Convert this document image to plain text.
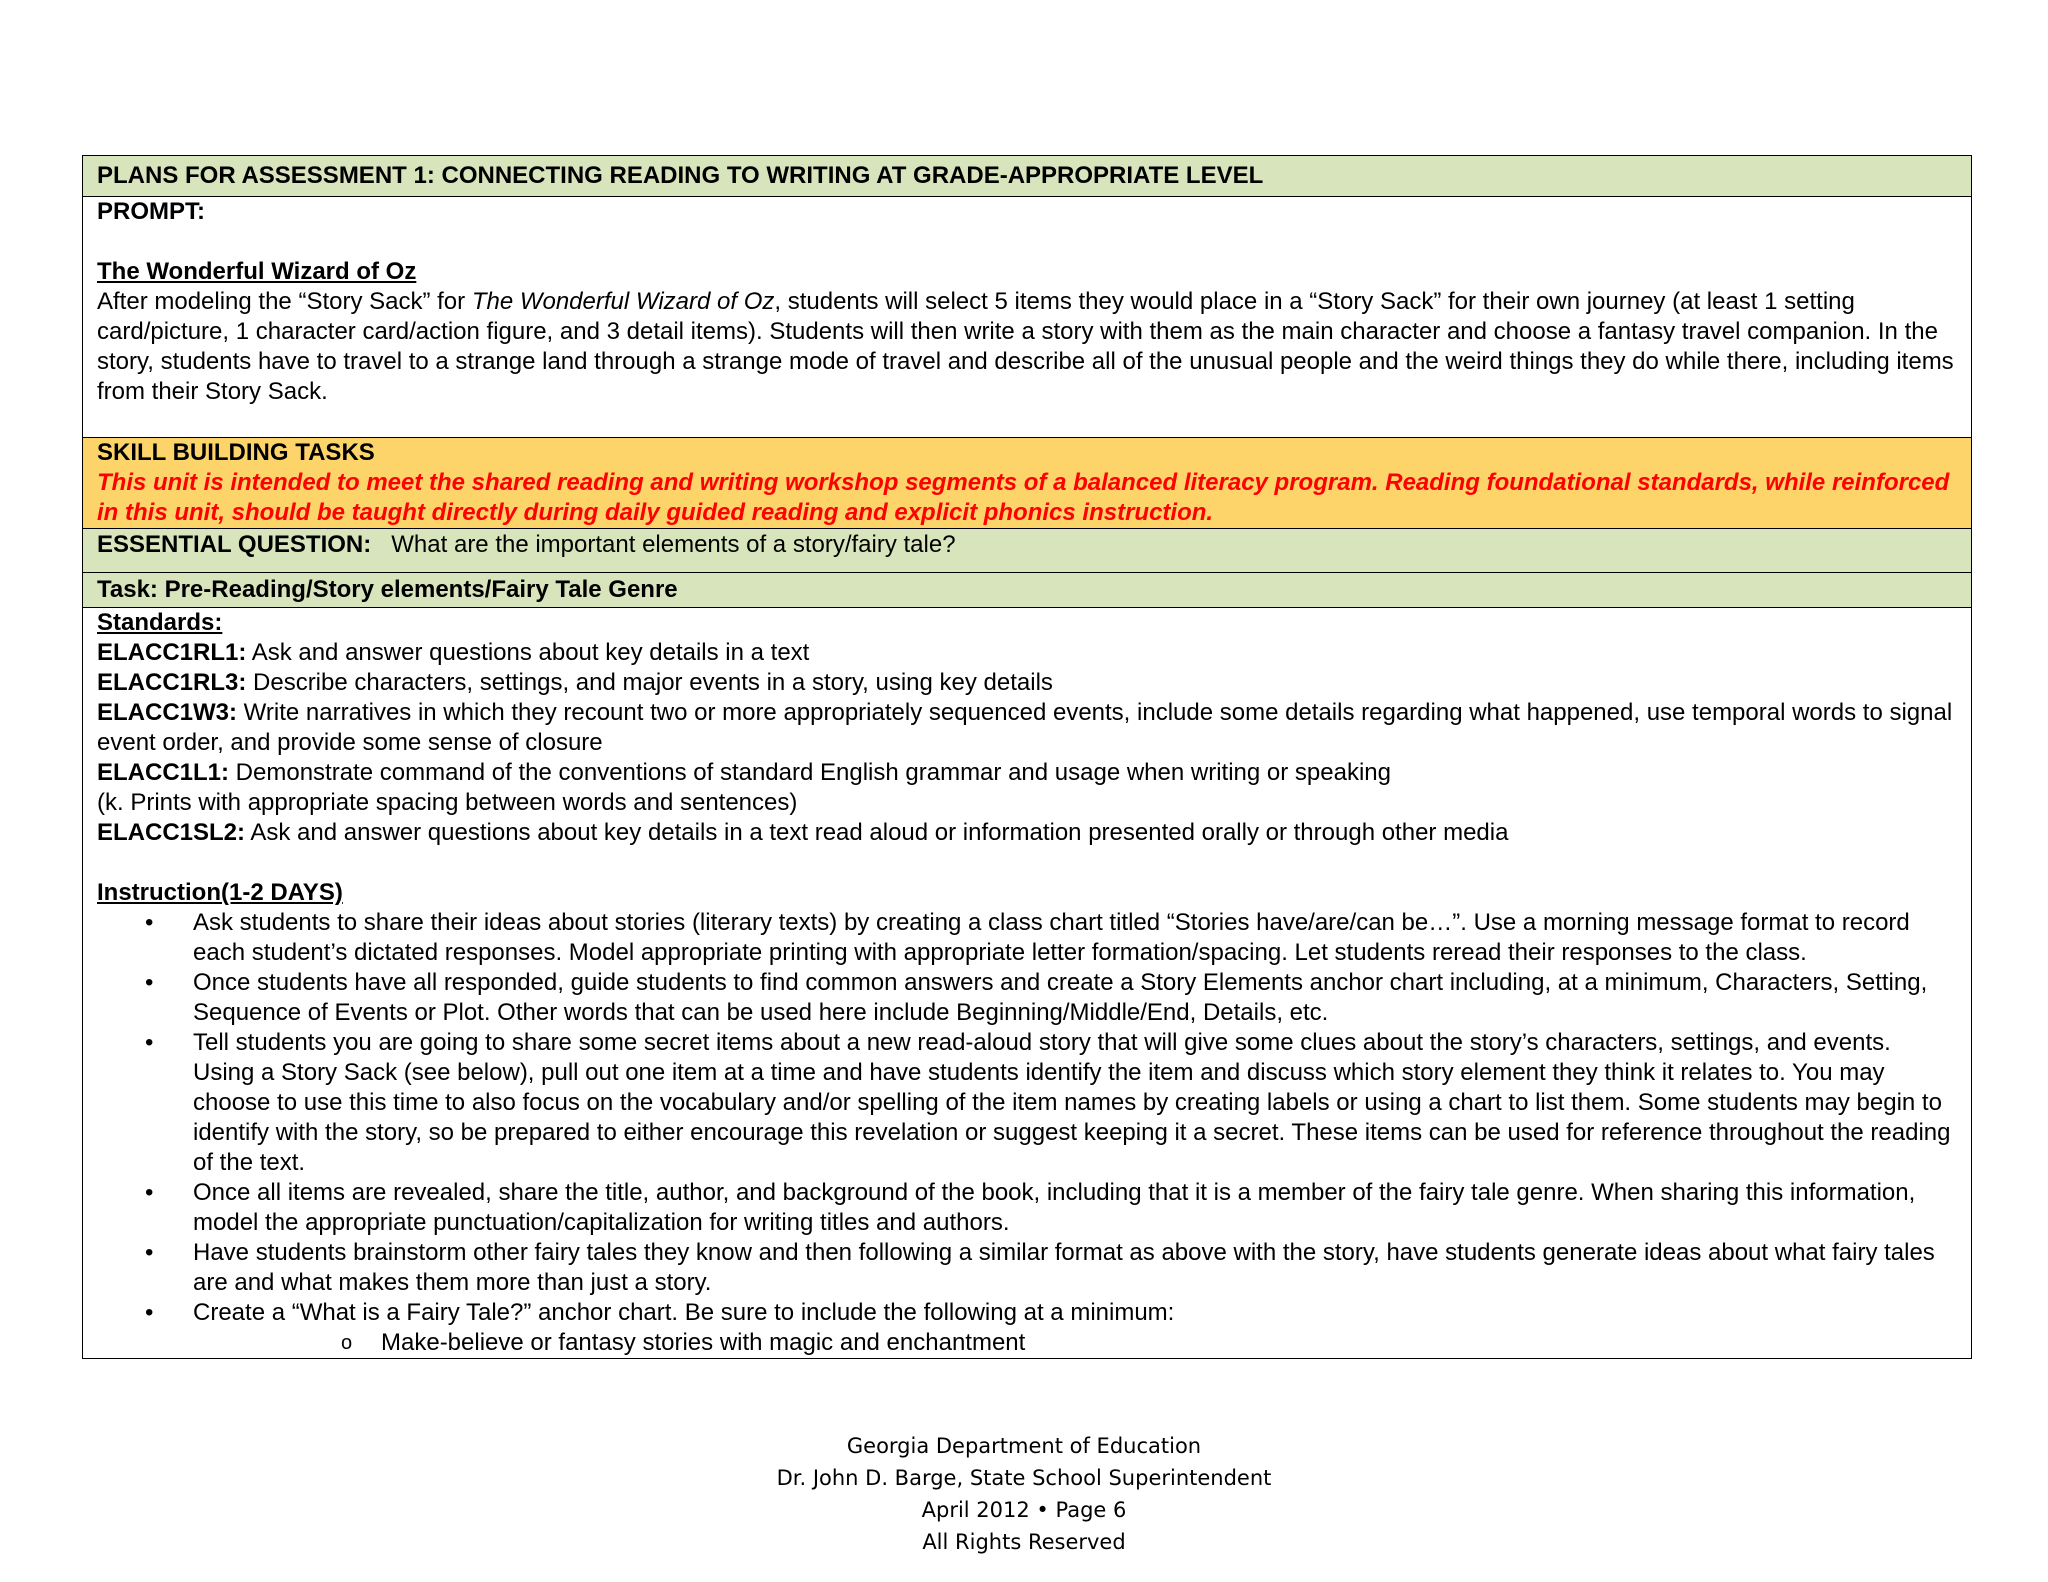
PLANS FOR ASSESSMENT 1: CONNECTING READING TO WRITING AT GRADE-APPROPRIATE LEVEL
PROMPT:
The Wonderful Wizard of Oz
After modeling the “Story Sack” for The Wonderful Wizard of Oz, students will select 5 items they would place in a “Story Sack” for their own journey (at least 1 setting card/picture, 1 character card/action figure, and 3 detail items). Students will then write a story with them as the main character and choose a fantasy travel companion. In the story, students have to travel to a strange land through a strange mode of travel and describe all of the unusual people and the weird things they do while there, including items from their Story Sack.
SKILL BUILDING TASKS
This unit is intended to meet the shared reading and writing workshop segments of a balanced literacy program. Reading foundational standards, while reinforced in this unit, should be taught directly during daily guided reading and explicit phonics instruction.
ESSENTIAL QUESTION: What are the important elements of a story/fairy tale?
Task: Pre-Reading/Story elements/Fairy Tale Genre
Standards:

ELACC1RL1: Ask and answer questions about key details in a text

ELACC1RL3: Describe characters, settings, and major events in a story, using key details

ELACC1W3: Write narratives in which they recount two or more appropriately sequenced events, include some details regarding what happened, use temporal words to signal event order, and provide some sense of closure

ELACC1L1: Demonstrate command of the conventions of standard English grammar and usage when writing or speaking

(k. Prints with appropriate spacing between words and sentences)

ELACC1SL2: Ask and answer questions about key details in a text read aloud or information presented orally or through other media

Instruction(1-2 DAYS)
• Ask students to share their ideas about stories (literary texts) by creating a class chart titled “Stories have/are/can be…”. Use a morning message format to record each student’s dictated responses. Model appropriate printing with appropriate letter formation/spacing. Let students reread their responses to the class.
• Once students have all responded, guide students to find common answers and create a Story Elements anchor chart including, at a minimum, Characters, Setting, Sequence of Events or Plot. Other words that can be used here include Beginning/Middle/End, Details, etc.
• Tell students you are going to share some secret items about a new read-aloud story that will give some clues about the story’s characters, settings, and events. Using a Story Sack (see below), pull out one item at a time and have students identify the item and discuss which story element they think it relates to. You may choose to use this time to also focus on the vocabulary and/or spelling of the item names by creating labels or using a chart to list them. Some students may begin to identify with the story, so be prepared to either encourage this revelation or suggest keeping it a secret. These items can be used for reference throughout the reading of the text.
• Once all items are revealed, share the title, author, and background of the book, including that it is a member of the fairy tale genre. When sharing this information, model the appropriate punctuation/capitalization for writing titles and authors.
• Have students brainstorm other fairy tales they know and then following a similar format as above with the story, have students generate ideas about what fairy tales are and what makes them more than just a story.
• Create a “What is a Fairy Tale?” anchor chart. Be sure to include the following at a minimum:
o Make-believe or fantasy stories with magic and enchantment
Georgia Department of Education
Dr. John D. Barge, State School Superintendent
April 2012 • Page 6
All Rights Reserved
